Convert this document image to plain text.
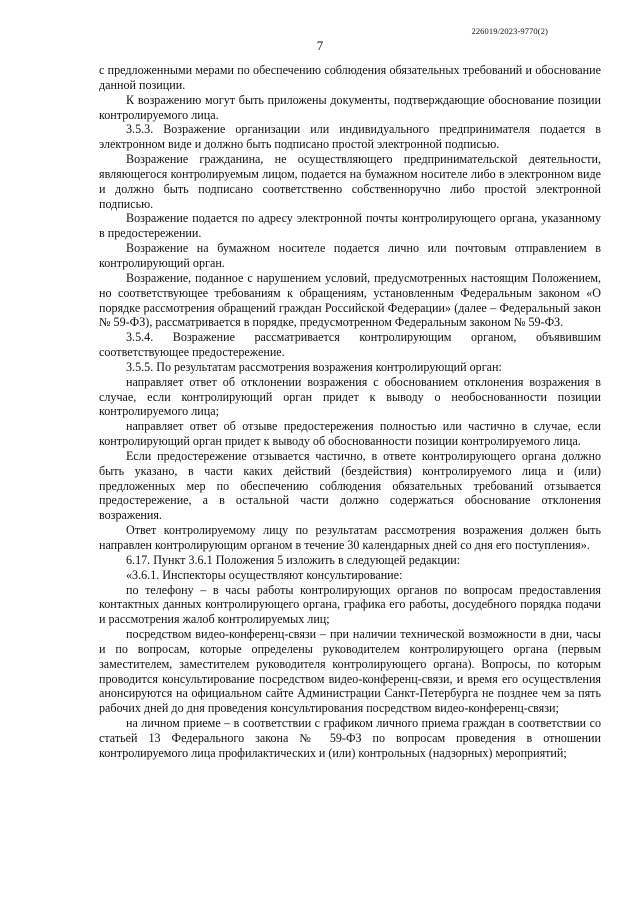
226019/2023-9770(2)
7

с предложенными мерами по обеспечению соблюдения обязательных требований и обоснование данной позиции.

К возражению могут быть приложены документы, подтверждающие обоснование позиции контролируемого лица.

3.5.3. Возражение организации или индивидуального предпринимателя подается в электронном виде и должно быть подписано простой электронной подписью.

Возражение гражданина, не осуществляющего предпринимательской деятельности, являющегося контролируемым лицом, подается на бумажном носителе либо в электронном виде и должно быть подписано соответственно собственноручно либо простой электронной подписью.

Возражение подается по адресу электронной почты контролирующего органа, указанному в предостережении.

Возражение на бумажном носителе подается лично или почтовым отправлением в контролирующий орган.

Возражение, поданное с нарушением условий, предусмотренных настоящим Положением, но соответствующее требованиям к обращениям, установленным Федеральным законом «О порядке рассмотрения обращений граждан Российской Федерации» (далее – Федеральный закон № 59-ФЗ), рассматривается в порядке, предусмотренном Федеральным законом № 59-ФЗ.

3.5.4. Возражение рассматривается контролирующим органом, объявившим соответствующее предостережение.

3.5.5. По результатам рассмотрения возражения контролирующий орган:

направляет ответ об отклонении возражения с обоснованием отклонения возражения в случае, если контролирующий орган придет к выводу о необоснованности позиции контролируемого лица;

направляет ответ об отзыве предостережения полностью или частично в случае, если контролирующий орган придет к выводу об обоснованности позиции контролируемого лица.

Если предостережение отзывается частично, в ответе контролирующего органа должно быть указано, в части каких действий (бездействия) контролируемого лица и (или) предложенных мер по обеспечению соблюдения обязательных требований отзывается предостережение, а в остальной части должно содержаться обоснование отклонения возражения.

Ответ контролируемому лицу по результатам рассмотрения возражения должен быть направлен контролирующим органом в течение 30 календарных дней со дня его поступления».

6.17. Пункт 3.6.1 Положения 5 изложить в следующей редакции:

«3.6.1. Инспекторы осуществляют консультирование:

по телефону – в часы работы контролирующих органов по вопросам предоставления контактных данных контролирующего органа, графика его работы, досудебного порядка подачи и рассмотрения жалоб контролируемых лиц;

посредством видео-конференц-связи – при наличии технической возможности в дни, часы и по вопросам, которые определены руководителем контролирующего органа (первым заместителем, заместителем руководителя контролирующего органа). Вопросы, по которым проводится консультирование посредством видео-конференц-связи, и время его осуществления анонсируются на официальном сайте Администрации Санкт-Петербурга не позднее чем за пять рабочих дней до дня проведения консультирования посредством видео-конференц-связи;

на личном приеме – в соответствии с графиком личного приема граждан в соответствии со статьей 13 Федерального закона № 59-ФЗ по вопросам проведения в отношении контролируемого лица профилактических и (или) контрольных (надзорных) мероприятий;
